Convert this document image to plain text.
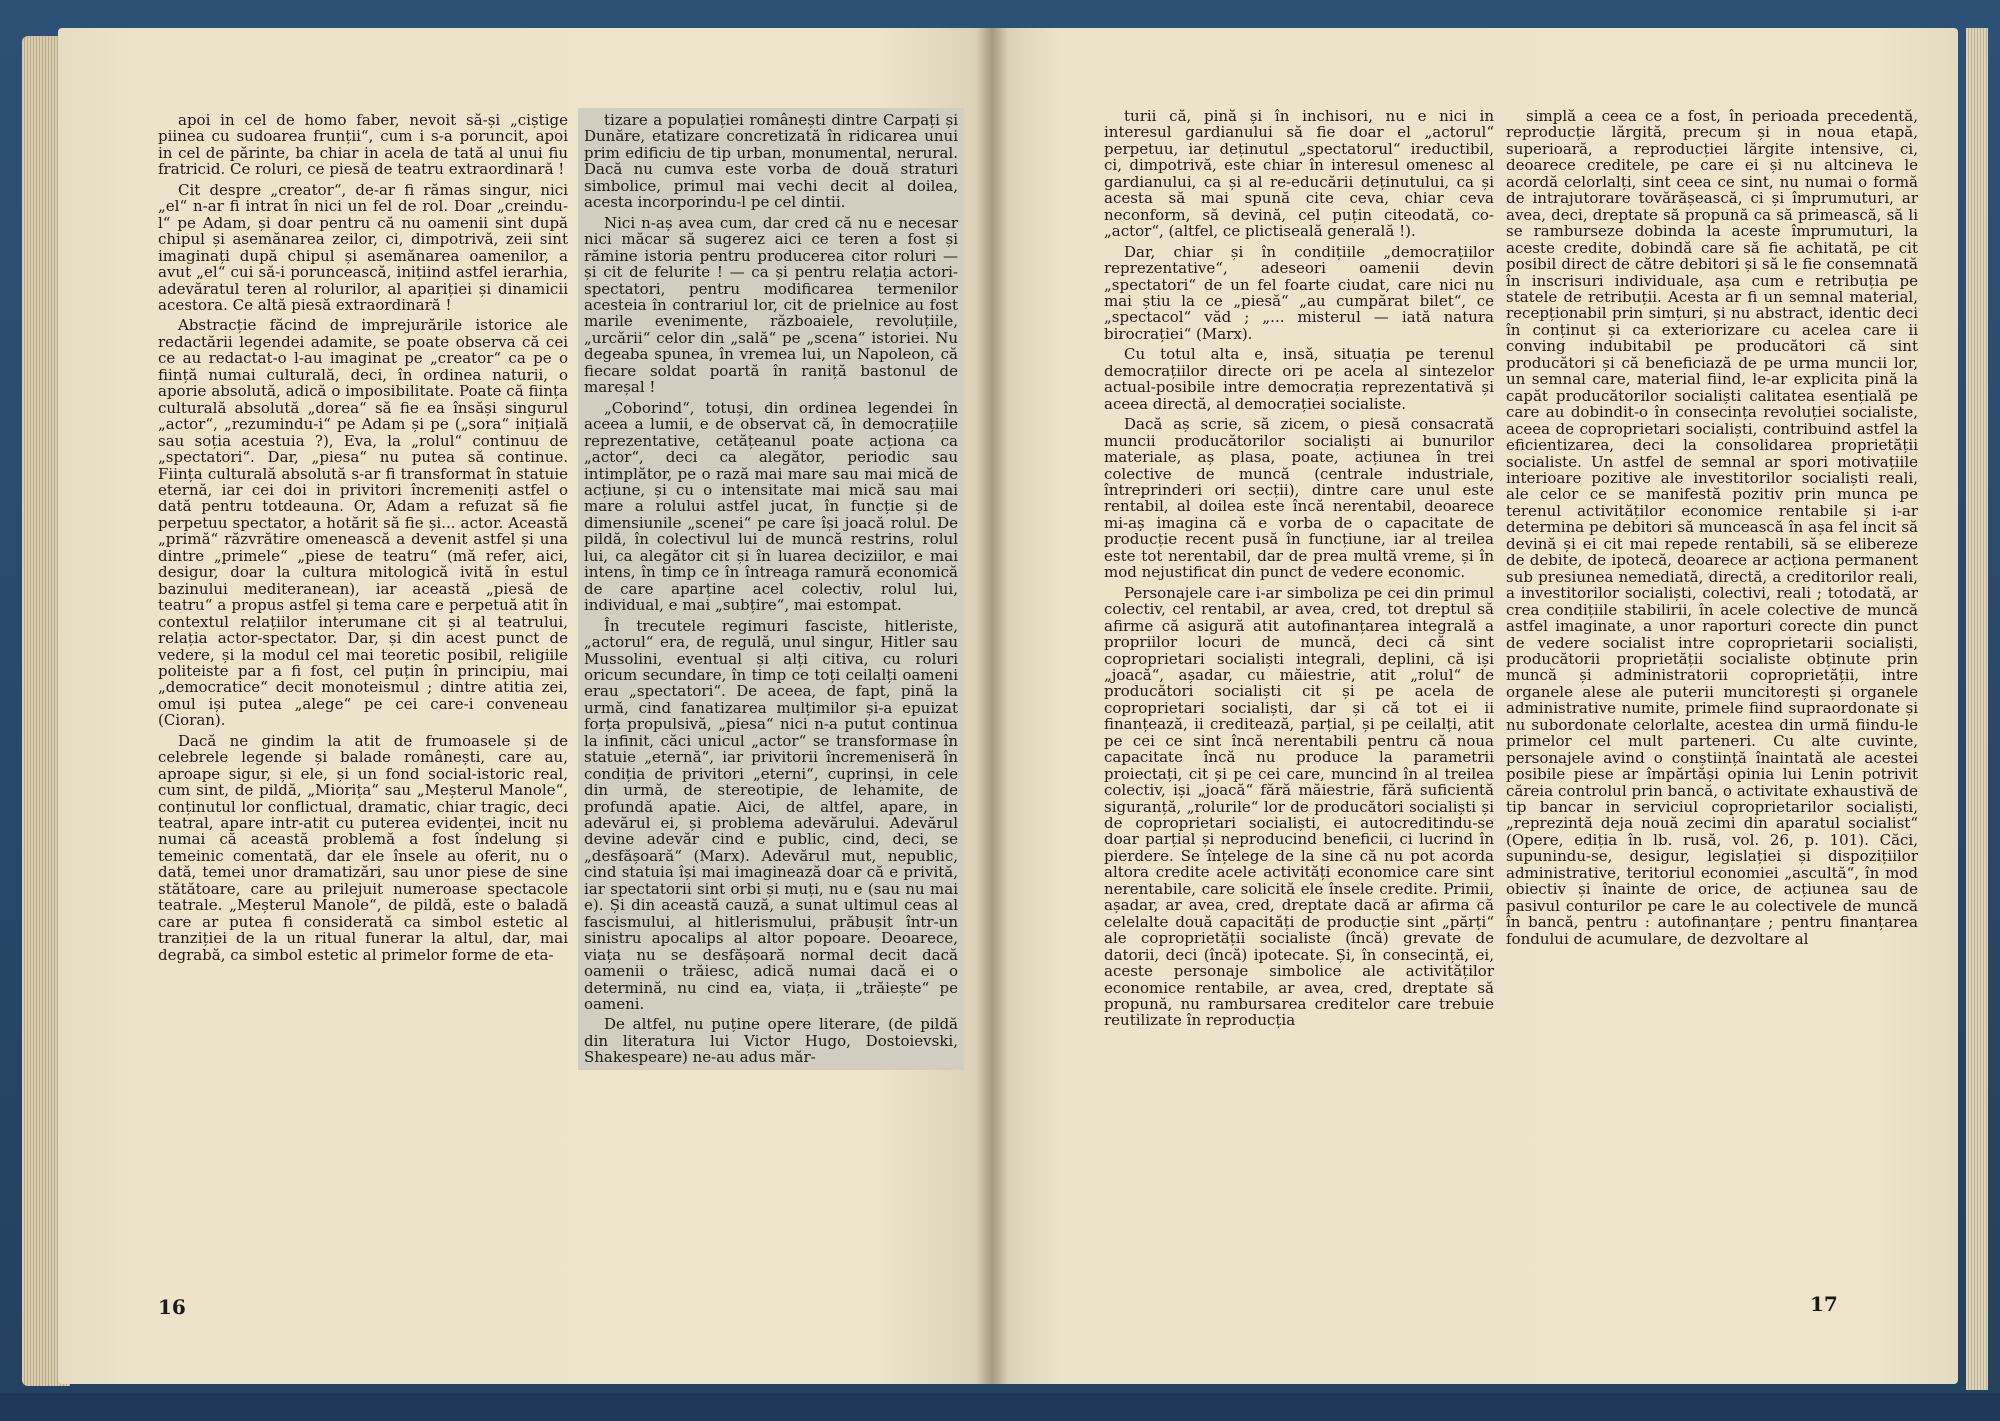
apoi in cel de homo faber, nevoit să-și „ciștige piinea cu sudoarea frunții“, cum i s-a poruncit, apoi in cel de părinte, ba chiar in acela de tată al unui fiu fratricid. Ce roluri, ce piesă de teatru extraordinară !

Cit despre „creator“, de-ar fi rămas singur, nici „el“ n-ar fi intrat în nici un fel de rol. Doar „creindu-l“ pe Adam, și doar pentru că nu oamenii sint după chipul și asemănarea zeilor, ci, dimpotrivă, zeii sint imaginați după chipul și asemănarea oamenilor, a avut „el“ cui să-i poruncească, inițiind astfel ierarhia, adevăratul teren al rolurilor, al apariției și dinamicii acestora. Ce altă piesă extraordinară !

Abstracție făcind de imprejurările istorice ale redactării legendei adamite, se poate observa că cei ce au redactat-o l-au imaginat pe „creator“ ca pe o ființă numai culturală, deci, în ordinea naturii, o aporie absolută, adică o imposibilitate. Poate că ființa culturală absolută „dorea“ să fie ea însăși singurul „actor“, „rezumindu-i“ pe Adam și pe („sora“ inițială sau soția acestuia ?), Eva, la „rolul“ continuu de „spectatori“. Dar, „piesa“ nu putea să continue. Ființa culturală absolută s-ar fi transformat în statuie eternă, iar cei doi in privitori încremeniți astfel o dată pentru totdeauna. Or, Adam a refuzat să fie perpetuu spectator, a hotărit să fie și... actor. Această „primă“ răzvrătire omenească a devenit astfel și una dintre „primele“ „piese de teatru“ (mă refer, aici, desigur, doar la cultura mitologică ivită în estul bazinului mediteranean), iar această „piesă de teatru“ a propus astfel și tema care e perpetuă atit în contextul relațiilor interumane cit și al teatrului, relația actor-spectator. Dar, și din acest punct de vedere, și la modul cel mai teoretic posibil, religiile politeiste par a fi fost, cel puțin în principiu, mai „democratice“ decit monoteismul ; dintre atitia zei, omul iși putea „alege“ pe cei care-i conveneau (Cioran).

Dacă ne gindim la atit de frumoasele și de celebrele legende și balade românești, care au, aproape sigur, și ele, și un fond social-istoric real, cum sint, de pildă, „Miorița“ sau „Meșterul Manole“, conținutul lor conflictual, dramatic, chiar tragic, deci teatral, apare intr-atit cu puterea evidenței, incit nu numai că această problemă a fost îndelung și temeinic comentată, dar ele însele au oferit, nu o dată, temei unor dramatizări, sau unor piese de sine stătătoare, care au prilejuit numeroase spectacole teatrale. „Meșterul Manole“, de pildă, este o baladă care ar putea fi considerată ca simbol estetic al tranziției de la un ritual funerar la altul, dar, mai degrabă, ca simbol estetic al primelor forme de eta-

tizare a populației românești dintre Carpați și Dunăre, etatizare concretizată în ridicarea unui prim edificiu de tip urban, monumental, nerural. Dacă nu cumva este vorba de două straturi simbolice, primul mai vechi decit al doilea, acesta incorporindu-l pe cel dintii.

Nici n-aș avea cum, dar cred că nu e necesar nici măcar să sugerez aici ce teren a fost și rămine istoria pentru producerea citor roluri — și cit de felurite ! — ca și pentru relația actori-spectatori, pentru modificarea termenilor acesteia în contrariul lor, cit de prielnice au fost marile evenimente, războaiele, revoluțiile, „urcării“ celor din „sală“ pe „scena“ istoriei. Nu degeaba spunea, în vremea lui, un Napoleon, că fiecare soldat poartă în raniță bastonul de mareșal !

„Coborind“, totuși, din ordinea legendei în aceea a lumii, e de observat că, în democrațiile reprezentative, cetățeanul poate acționa ca „actor“, deci ca alegător, periodic sau intimplător, pe o rază mai mare sau mai mică de acțiune, și cu o intensitate mai mică sau mai mare a rolului astfel jucat, în funcție și de dimensiunile „scenei“ pe care își joacă rolul. De pildă, în colectivul lui de muncă restrins, rolul lui, ca alegător cit și în luarea deciziilor, e mai intens, în timp ce în întreaga ramură economică de care aparține acel colectiv, rolul lui, individual, e mai „subțire“, mai estompat.

În trecutele regimuri fasciste, hitleriste, „actorul“ era, de regulă, unul singur, Hitler sau Mussolini, eventual și alți citiva, cu roluri oricum secundare, în timp ce toți ceilalți oameni erau „spectatori“. De aceea, de fapt, pină la urmă, cind fanatizarea mulțimilor și-a epuizat forța propulsivă, „piesa“ nici n-a putut continua la infinit, căci unicul „actor“ se transformase în statuie „eternă“, iar privitorii încremeniseră în condiția de privitori „eterni“, cuprinși, in cele din urmă, de stereotipie, de lehamite, de profundă apatie. Aici, de altfel, apare, in adevărul ei, și problema adevărului. Adevărul devine adevăr cind e public, cind, deci, se „desfășoară“ (Marx). Adevărul mut, nepublic, cind statuia își mai imaginează doar că e privită, iar spectatorii sint orbi și muți, nu e (sau nu mai e). Și din această cauză, a sunat ultimul ceas al fascismului, al hitlerismului, prăbușit într-un sinistru apocalips al altor popoare. Deoarece, viața nu se desfășoară normal decit dacă oamenii o trăiesc, adică numai dacă ei o determină, nu cind ea, viața, ii „trăiește“ pe oameni.

De altfel, nu puține opere literare, (de pildă din literatura lui Victor Hugo, Dostoievski, Shakespeare) ne-au adus măr-

16

turii că, pină și în inchisori, nu e nici in interesul gardianului să fie doar el „actorul“ perpetuu, iar deținutul „spectatorul“ ireductibil, ci, dimpotrivă, este chiar în interesul omenesc al gardianului, ca și al re-educării deținutului, ca și acesta să mai spună cite ceva, chiar ceva neconform, să devină, cel puțin citeodată, co-„actor“, (altfel, ce plictiseală generală !).

Dar, chiar și în condițiile „democrațiilor reprezentative“, adeseori oamenii devin „spectatori“ de un fel foarte ciudat, care nici nu mai știu la ce „piesă“ „au cumpărat bilet“, ce „spectacol“ văd ; „... misterul — iată natura birocrației“ (Marx).

Cu totul alta e, insă, situația pe terenul democrațiilor directe ori pe acela al sintezelor actual-posibile intre democrația reprezentativă și aceea directă, al democrației socialiste.

Dacă aș scrie, să zicem, o piesă consacrată muncii producătorilor socialiști ai bunurilor materiale, aș plasa, poate, acțiunea în trei colective de muncă (centrale industriale, întreprinderi ori secții), dintre care unul este rentabil, al doilea este încă nerentabil, deoarece mi-aș imagina că e vorba de o capacitate de producție recent pusă în funcțiune, iar al treilea este tot nerentabil, dar de prea multă vreme, și în mod nejustificat din punct de vedere economic.

Personajele care i-ar simboliza pe cei din primul colectiv, cel rentabil, ar avea, cred, tot dreptul să afirme că asigură atit autofinanțarea integrală a propriilor locuri de muncă, deci că sint coproprietari socialiști integrali, deplini, că iși „joacă“, așadar, cu măiestrie, atit „rolul“ de producători socialiști cit și pe acela de coproprietari socialiști, dar și că tot ei ii finanțează, ii creditează, parțial, și pe ceilalți, atit pe cei ce sint încă nerentabili pentru că noua capacitate încă nu produce la parametrii proiectați, cit și pe cei care, muncind în al treilea colectiv, iși „joacă“ fără măiestrie, fără suficientă siguranță, „rolurile“ lor de producători socialiști și de coproprietari socialiști, ei autocreditindu-se doar parțial și neproducind beneficii, ci lucrind în pierdere. Se înțelege de la sine că nu pot acorda altora credite acele activități economice care sint nerentabile, care solicită ele însele credite. Primii, așadar, ar avea, cred, dreptate dacă ar afirma că celelalte două capacități de producție sint „părți“ ale coproprietății socialiste (încă) grevate de datorii, deci (încă) ipotecate. Și, în consecință, ei, aceste personaje simbolice ale activităților economice rentabile, ar avea, cred, dreptate să propună, nu rambursarea creditelor care trebuie reutilizate în reproducția

simplă a ceea ce a fost, în perioada precedentă, reproducție lărgită, precum și in noua etapă, superioară, a reproducției lărgite intensive, ci, deoarece creditele, pe care ei și nu altcineva le acordă celorlalți, sint ceea ce sint, nu numai o formă de intrajutorare tovărășească, ci și împrumuturi, ar avea, deci, dreptate să propună ca să primească, să li se ramburseze dobinda la aceste împrumuturi, la aceste credite, dobindă care să fie achitată, pe cit posibil direct de către debitori și să le fie consemnată în inscrisuri individuale, așa cum e retribuția pe statele de retribuții. Acesta ar fi un semnal material, recepționabil prin simțuri, și nu abstract, identic deci în conținut și ca exteriorizare cu acelea care ii conving indubitabil pe producători că sint producători și că beneficiază de pe urma muncii lor, un semnal care, material fiind, le-ar explicita pină la capăt producătorilor socialiști calitatea esențială pe care au dobindit-o în consecința revoluției socialiste, aceea de coproprietari socialiști, contribuind astfel la eficientizarea, deci la consolidarea proprietății socialiste. Un astfel de semnal ar spori motivațiile interioare pozitive ale investitorilor socialiști reali, ale celor ce se manifestă pozitiv prin munca pe terenul activităților economice rentabile și i-ar determina pe debitori să muncească în așa fel incit să devină și ei cit mai repede rentabili, să se elibereze de debite, de ipotecă, deoarece ar acționa permanent sub presiunea nemediată, directă, a creditorilor reali, a investitorilor socialiști, colectivi, reali ; totodată, ar crea condițiile stabilirii, în acele colective de muncă astfel imaginate, a unor raporturi corecte din punct de vedere socialist intre coproprietarii socialiști, producătorii proprietății socialiste obținute prin muncă și administratorii coproprietății, intre organele alese ale puterii muncitorești și organele administrative numite, primele fiind supraordonate și nu subordonate celorlalte, acestea din urmă fiindu-le primelor cel mult parteneri. Cu alte cuvinte, personajele avind o conștiință înaintată ale acestei posibile piese ar împărtăși opinia lui Lenin potrivit căreia controlul prin bancă, o activitate exhaustivă de tip bancar in serviciul coproprietarilor socialiști, „reprezintă deja nouă zecimi din aparatul socialist“ (Opere, ediția în lb. rusă, vol. 26, p. 101). Căci, supunindu-se, desigur, legislației și dispozițiilor administrative, teritoriul economiei „ascultă“, în mod obiectiv și înainte de orice, de acțiunea sau de pasivul conturilor pe care le au colectivele de muncă în bancă, pentru : autofinanțare ; pentru finanțarea fondului de acumulare, de dezvoltare al

17
